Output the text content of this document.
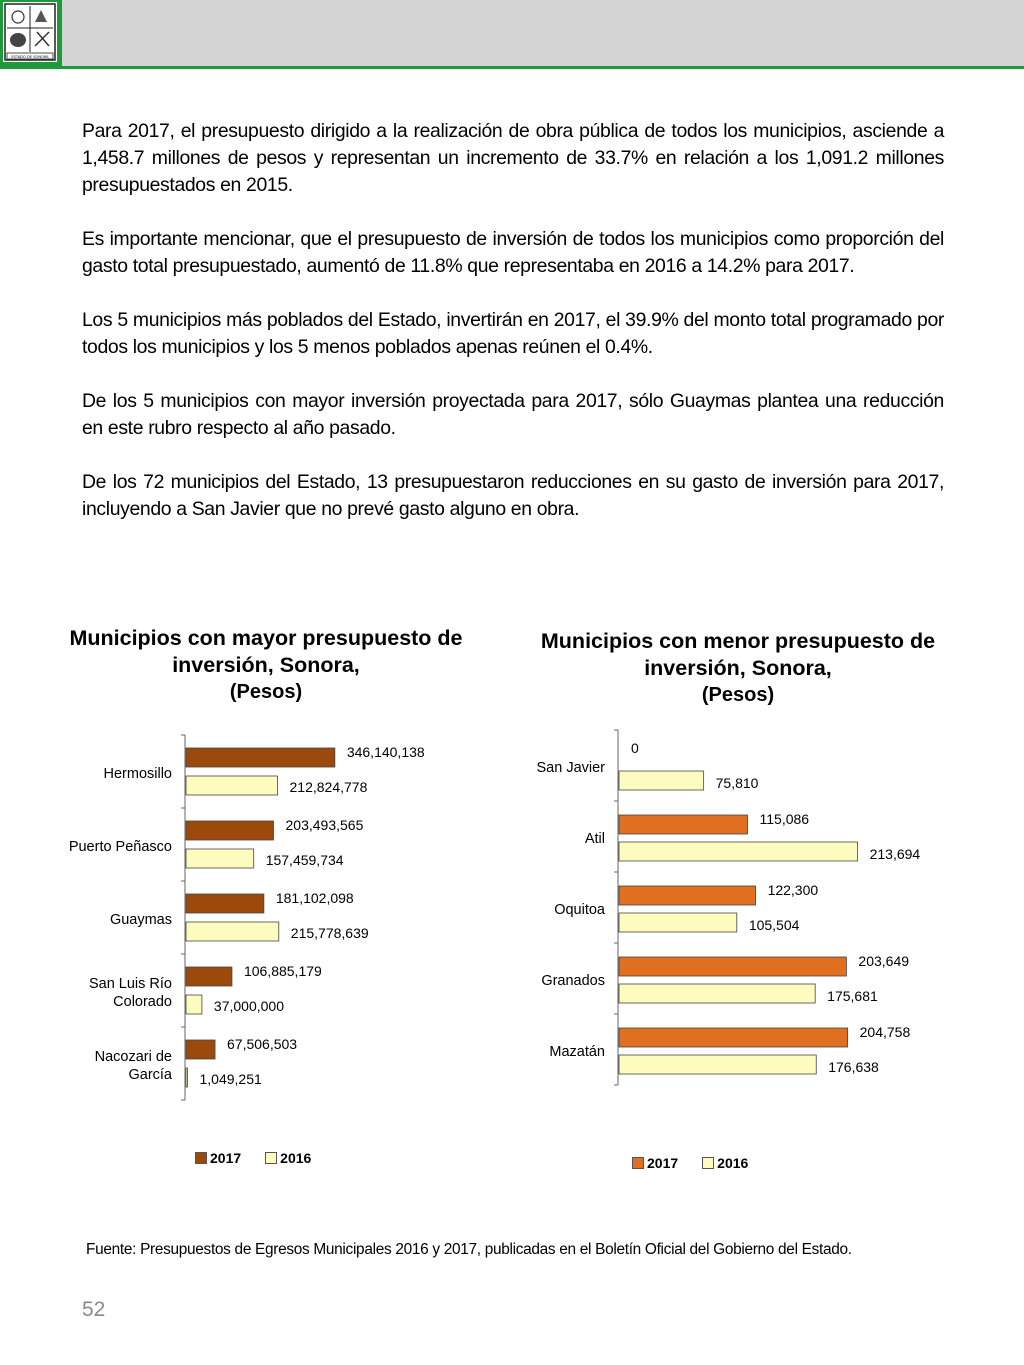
ESTADO DE SONORA

Para 2017, el presupuesto dirigido a la realización de obra pública de todos los municipios, asciende a 1,458.7 millones de pesos y representan un incremento de 33.7% en relación a los 1,091.2 millones presupuestados en 2015.

Es importante mencionar, que el presupuesto de inversión de todos los municipios como proporción del gasto total presupuestado, aumentó de 11.8% que representaba en 2016 a 14.2% para 2017.

Los 5 municipios más poblados del Estado, invertirán en 2017, el 39.9% del monto total programado por todos los municipios y los 5 menos poblados apenas reúnen el 0.4%.

De los 5 municipios con mayor inversión proyectada para 2017, sólo Guaymas plantea una reducción en este rubro respecto al año pasado.

De los 72 municipios del Estado, 13 presupuestaron reducciones en su gasto de inversión para 2017, incluyendo a San Javier que no prevé gasto alguno en obra.

Municipios con mayor presupuesto de inversión, Sonora,
(Pesos)
Municipios con menor presupuesto de inversión, Sonora,
(Pesos)
Hermosillo
346,140,138
212,824,778
Puerto Peñasco
203,493,565
157,459,734
Guaymas
181,102,098
215,778,639
San Luis Río Colorado
106,885,179
37,000,000
Nacozari de García
67,506,503
1,049,251
San Javier
0
75,810
Atil
115,086
213,694
Oquitoa
122,300
105,504
Granados
203,649
175,681
Mazatán
204,758
176,638
2017	2016	2017	2016
Fuente: Presupuestos de Egresos Municipales 2016 y 2017, publicadas en el Boletín Oficial del Gobierno del Estado.
52
